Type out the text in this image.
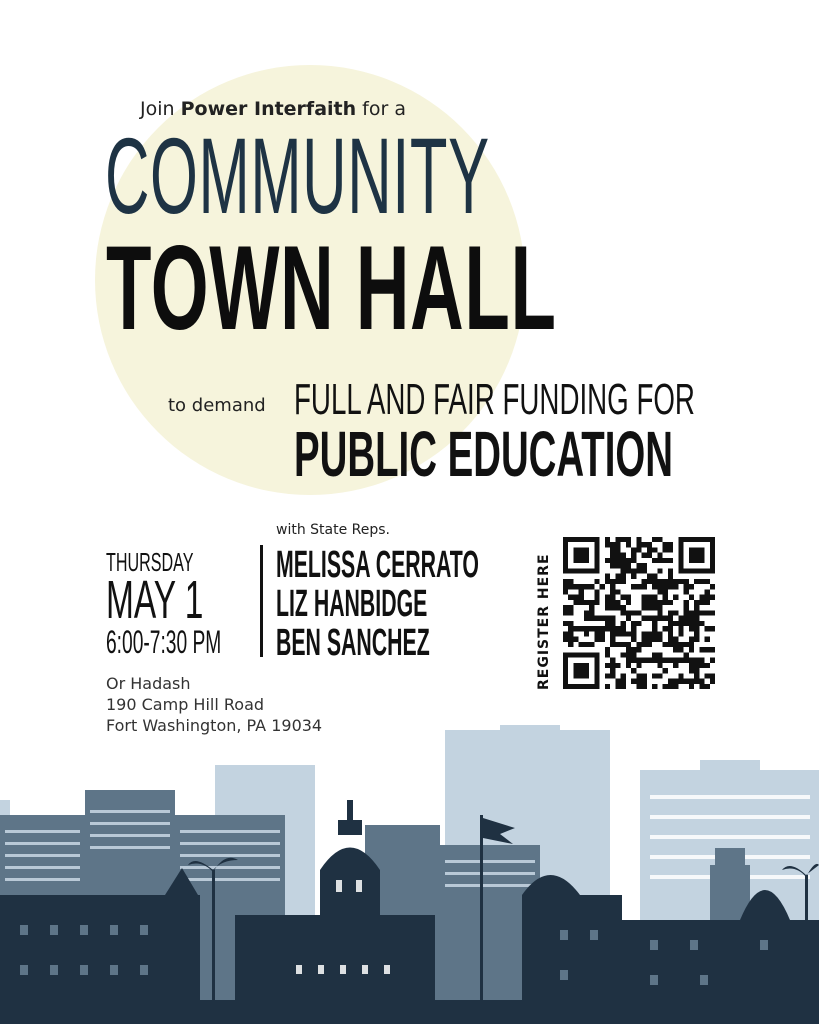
Join Power Interfaith for a
COMMUNITY
TOWN HALL
to demand FULL AND FAIR FUNDING FOR
PUBLIC EDUCATION
THURSDAY
MAY 1
6:00-7:30 PM
with State Reps.
MELISSA CERRATO
LIZ HANBIDGE
BEN SANCHEZ
Or Hadash
190 Camp Hill Road
Fort Washington, PA 19034
REGISTER HERE
